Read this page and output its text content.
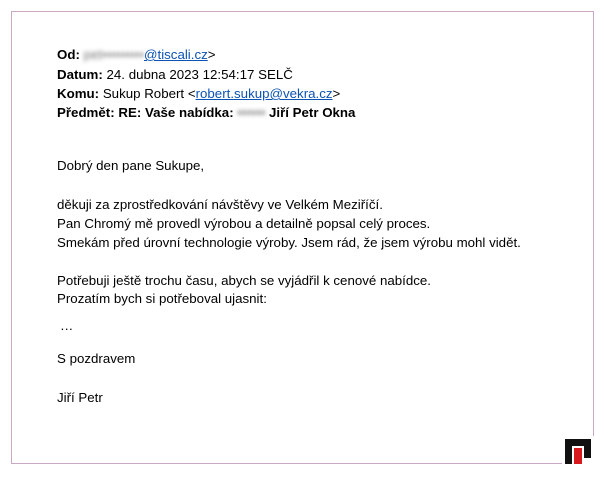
Od: pet•••••••••@tiscali.cz>
Datum: 24. dubna 2023 12:54:17 SELČ
Komu: Sukup Robert <robert.sukup@vekra.cz>
Předmět: RE: Vaše nabídka: •••••• Jiří Petr Okna
Dobrý den pane Sukupe,
děkuji za zprostředkování návštěvy ve Velkém Meziříčí.
Pan Chromý mě provedl výrobou a detailně popsal celý proces.
Smekám před úrovní technologie výroby. Jsem rád, že jsem výrobu mohl vidět.
Potřebuji ještě trochu času, abych se vyjádřil k cenové nabídce.
Prozatím bych si potřeboval ujasnit:
…
S pozdravem
Jiří Petr
